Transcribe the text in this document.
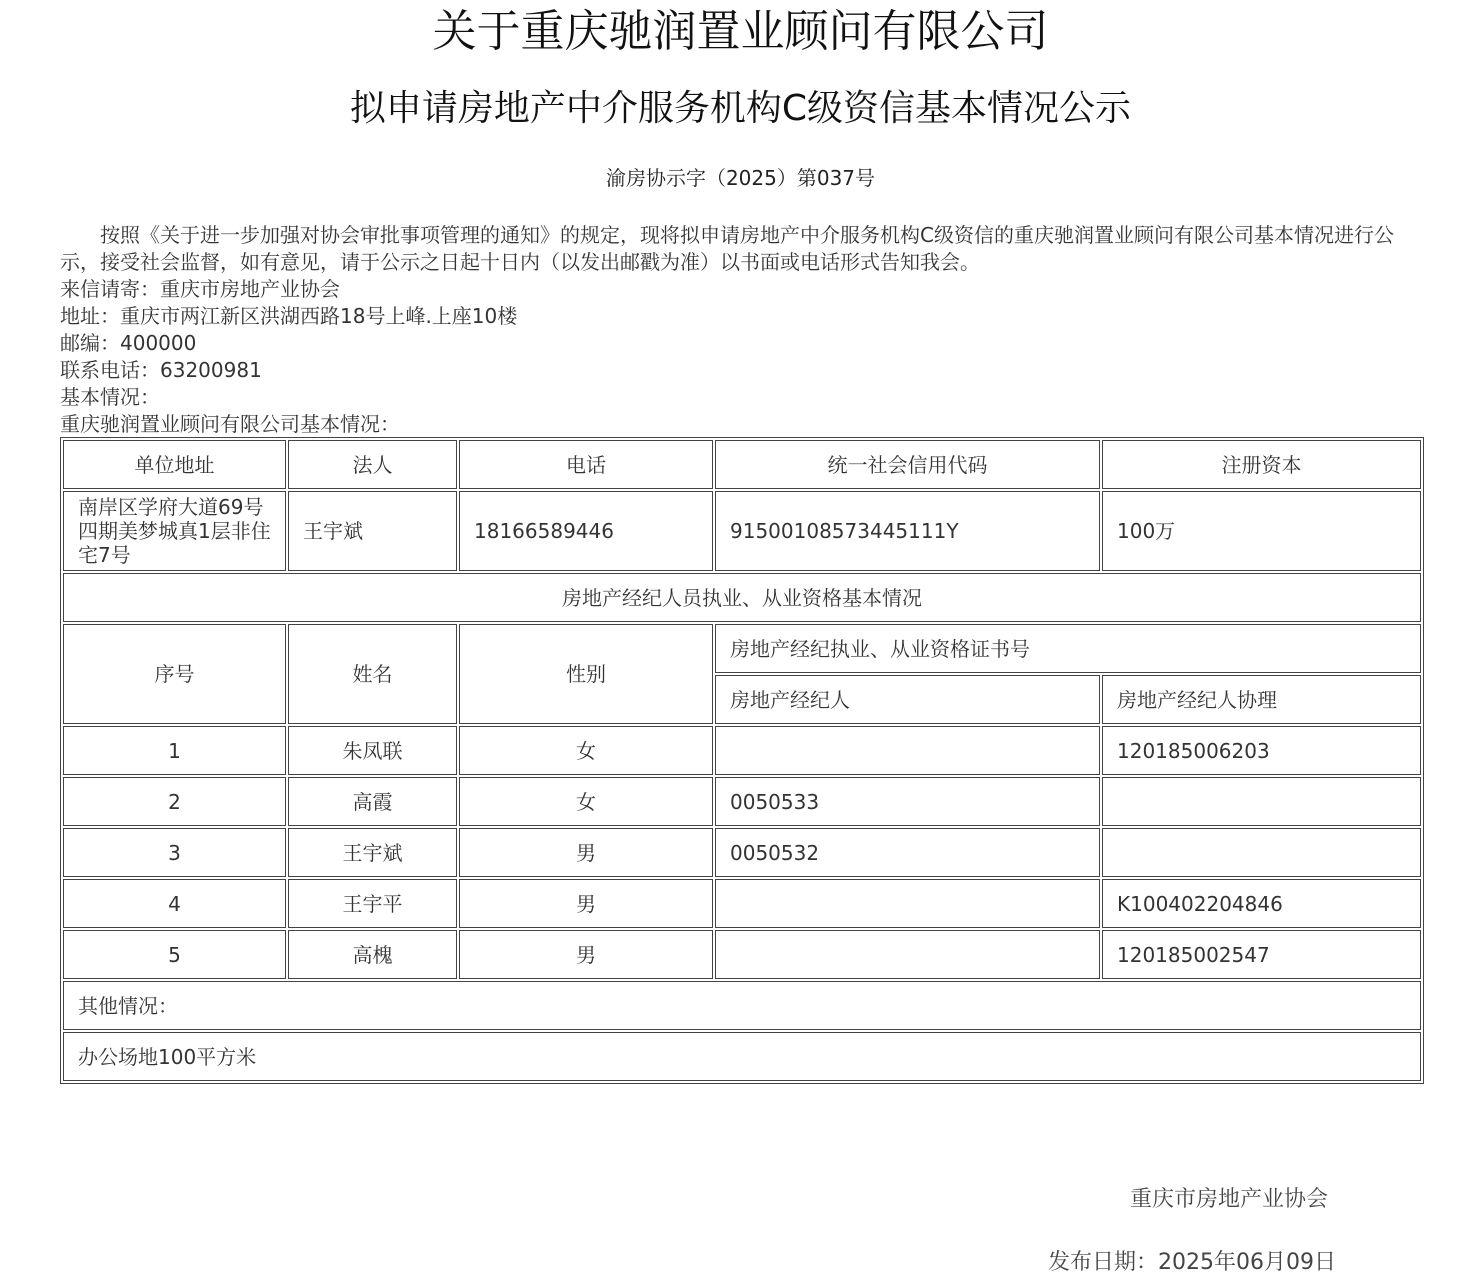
关于重庆驰润置业顾问有限公司
拟申请房地产中介服务机构C级资信基本情况公示
渝房协示字（2025）第037号

按照《关于进一步加强对协会审批事项管理的通知》的规定，现将拟申请房地产中介服务机构C级资信的重庆驰润置业顾问有限公司基本情况进行公示，接受社会监督，如有意见，请于公示之日起十日内（以发出邮戳为准）以书面或电话形式告知我会。

来信请寄：重庆市房地产业协会

地址：重庆市两江新区洪湖西路18号上峰.上座10楼

邮编：400000

联系电话：63200981

基本情况：

重庆驰润置业顾问有限公司基本情况：

单位地址	法人	电话	统一社会信用代码	注册资本
南岸区学府大道69号四期美梦城真1层非住宅7号	王宇斌	18166589446	91500108573445111Y	100万
房地产经纪人员执业、从业资格基本情况				
序号	姓名	性别	房地产经纪执业、从业资格证书号	
			房地产经纪人	房地产经纪人协理
1	朱凤联	女		120185006203
2	高霞	女	0050533	
3	王宇斌	男	0050532	
4	王宇平	男		K100402204846
5	高槐	男		120185002547
其他情况：				
办公场地100平方米				
重庆市房地产业协会
发布日期：2025年06月09日
